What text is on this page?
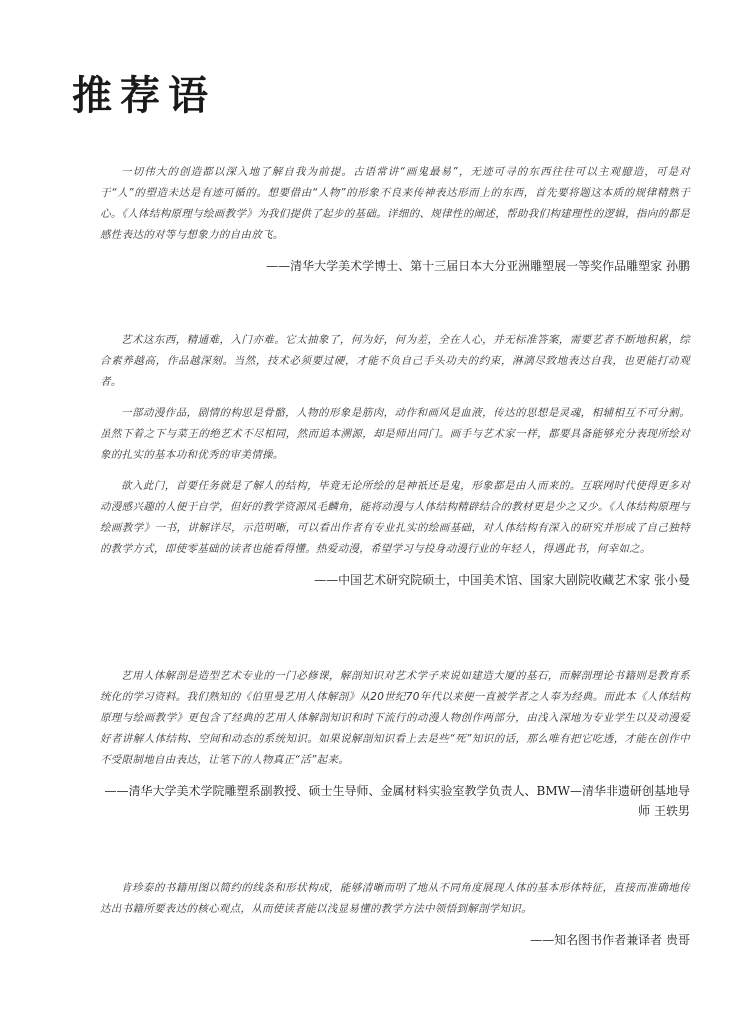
推荐语

一切伟大的创造都以深入地了解自我为前提。古语常讲“画鬼最易”，无迹可寻的东西往往可以主观臆造，可是对于“人”的塑造未达是有迹可循的。想要借由“人物”的形象不良来传神表达形而上的东西，首先要将题这本质的规律精熟于心。《人体结构原理与绘画教学》为我们提供了起步的基础。详细的、规律性的阐述，帮助我们构建理性的逻辑，指向的都是感性表达的对等与想象力的自由放飞。

——清华大学美术学博士、第十三届日本大分亚洲雕塑展一等奖作品雕塑家 孙鹏

艺术这东西，精通难，入门亦难。它太抽象了，何为好，何为差，全在人心，并无标准答案，需要艺者不断地积累，综合素养越高，作品越深刻。当然，技术必须要过硬，才能不负自己手头功夫的约束，淋漓尽致地表达自我，也更能打动观者。

一部动漫作品，剧情的构思是骨骼，人物的形象是筋肉，动作和画风是血液，传达的思想是灵魂，相辅相互不可分割。虽然下着之下与菜王的绝艺术不尽相同，然而追本溯源，却是师出同门。画手与艺术家一样，都要具备能够充分表现所绘对象的扎实的基本功和优秀的审美情操。

欲入此门，首要任务就是了解人的结构，毕竟无论所绘的是神祇还是鬼，形象都是由人而来的。互联网时代使得更多对动漫感兴趣的人便于自学，但好的教学资源凤毛麟角，能将动漫与人体结构精辟结合的教材更是少之又少。《人体结构原理与绘画教学》一书，讲解详尽，示范明晰，可以看出作者有专业扎实的绘画基础，对人体结构有深入的研究并形成了自己独特的教学方式，即使零基础的读者也能看得懂。热爱动漫，希望学习与投身动漫行业的年轻人，得遇此书，何幸如之。

——中国艺术研究院硕士，中国美术馆、国家大剧院收藏艺术家 张小曼

艺用人体解剖是造型艺术专业的一门必修课，解剖知识对艺术学子来说如建造大厦的基石，而解剖理论书籍则是教育系统化的学习资料。我们熟知的《伯里曼艺用人体解剖》从20世纪70年代以来便一直被学者之人奉为经典。而此本《人体结构原理与绘画教学》更包含了经典的艺用人体解剖知识和时下流行的动漫人物创作两部分，由浅入深地为专业学生以及动漫爱好者讲解人体结构、空间和动态的系统知识。如果说解剖知识看上去是些“死”知识的话，那么唯有把它吃透，才能在创作中不受限制地自由表达，让笔下的人物真正“活”起来。

——清华大学美术学院雕塑系副教授、硕士生导师、金属材料实验室教学负责人、BMW—清华非遗研创基地导师 王轶男

肯珍泰的书籍用图以简约的线条和形状构成，能够清晰而明了地从不同角度展现人体的基本形体特征，直接而准确地传达出书籍所要表达的核心观点，从而使读者能以浅显易懂的教学方法中领悟到解剖学知识。

——知名图书作者兼译者 贵哥
